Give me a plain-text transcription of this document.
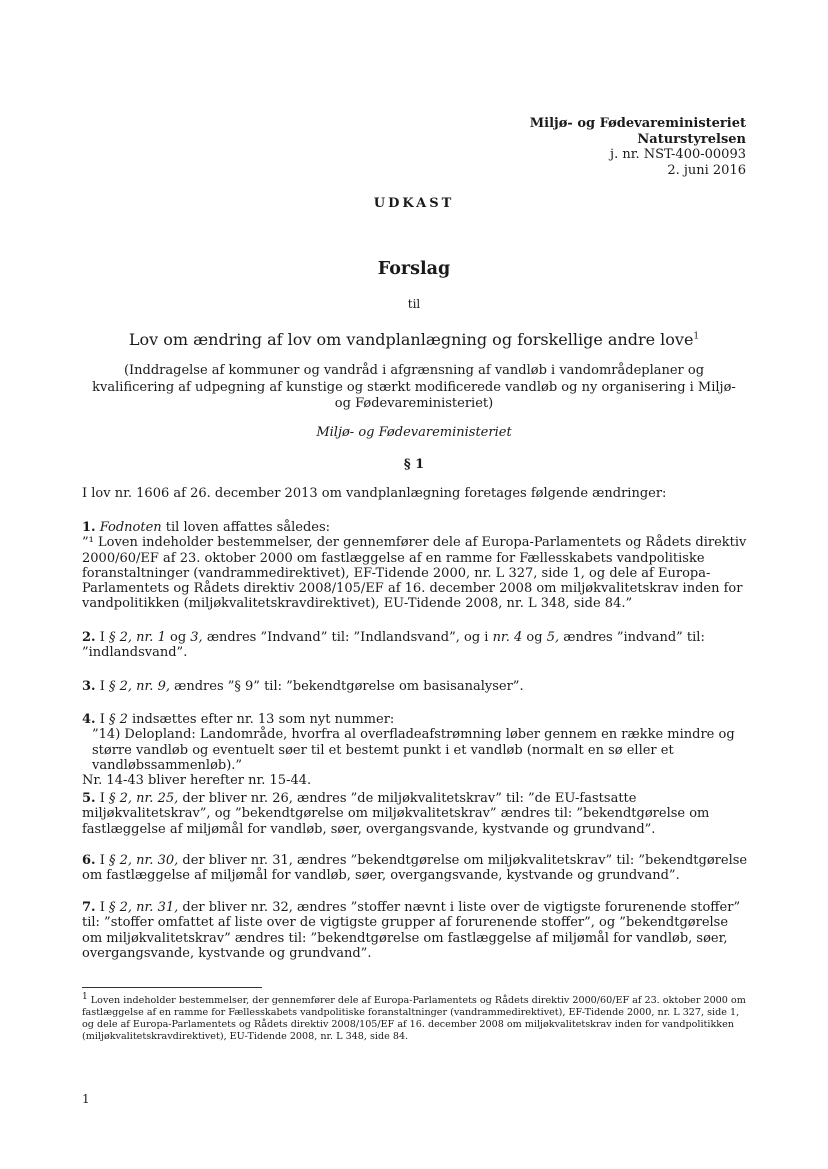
Miljø- og Fødevareministeriet
Naturstyrelsen
j. nr. NST-400-00093
2. juni 2016
UDKAST
Forslag
til
Lov om ændring af lov om vandplanlægning og forskellige andre love$^1$
(Inddragelse af kommuner og vandråd i afgrænsning af vandløb i vandområdeplaner og kvalificering af udpegning af kunstige og stærkt modificerede vandløb og ny organisering i Miljø- og Fødevareministeriet)
Miljø- og Fødevareministeriet
§ 1
I lov nr. 1606 af 26. december 2013 om vandplanlægning foretages følgende ændringer:
1. Fodnoten til loven affattes således:
”¹ Loven indeholder bestemmelser, der gennemfører dele af Europa-Parlamentets og Rådets direktiv 2000/60/EF af 23. oktober 2000 om fastlæggelse af en ramme for Fællesskabets vandpolitiske foranstaltninger (vandrammedirektivet), EF-Tidende 2000, nr. L 327, side 1, og dele af Europa-Parlamentets og Rådets direktiv 2008/105/EF af 16. december 2008 om miljøkvalitetskrav inden for vandpolitikken (miljøkvalitetskravdirektivet), EU-Tidende 2008, nr. L 348, side 84.”
2. I § 2, nr. 1 og 3, ændres ”Indvand” til: ”Indlandsvand”, og i nr. 4 og 5, ændres ”indvand” til: ”indlandsvand”.
3. I § 2, nr. 9, ændres ”§ 9” til: ”bekendtgørelse om basisanalyser”.
4. I § 2 indsættes efter nr. 13 som nyt nummer:
”14) Delopland: Landområde, hvorfra al overfladeafstrømning løber gennem en række mindre og større vandløb og eventuelt søer til et bestemt punkt i et vandløb (normalt en sø eller et vandløbssammenløb).”
Nr. 14-43 bliver herefter nr. 15-44.
5. I § 2, nr. 25, der bliver nr. 26, ændres ”de miljøkvalitetskrav” til: ”de EU-fastsatte miljøkvalitetskrav”, og ”bekendtgørelse om miljøkvalitetskrav” ændres til: ”bekendtgørelse om fastlæggelse af miljømål for vandløb, søer, overgangsvande, kystvande og grundvand”.
6. I § 2, nr. 30, der bliver nr. 31, ændres ”bekendtgørelse om miljøkvalitetskrav” til: ”bekendtgørelse om fastlæggelse af miljømål for vandløb, søer, overgangsvande, kystvande og grundvand”.
7. I § 2, nr. 31, der bliver nr. 32, ændres ”stoffer nævnt i liste over de vigtigste forurenende stoffer” til: ”stoffer omfattet af liste over de vigtigste grupper af forurenende stoffer”, og ”bekendtgørelse om miljøkvalitetskrav” ændres til: ”bekendtgørelse om fastlæggelse af miljømål for vandløb, søer, overgangsvande, kystvande og grundvand”.
$^1$ Loven indeholder bestemmelser, der gennemfører dele af Europa-Parlamentets og Rådets direktiv 2000/60/EF af 23. oktober 2000 om fastlæggelse af en ramme for Fællesskabets vandpolitiske foranstaltninger (vandrammedirektivet), EF-Tidende 2000, nr. L 327, side 1, og dele af Europa-Parlamentets og Rådets direktiv 2008/105/EF af 16. december 2008 om miljøkvalitetskrav inden for vandpolitikken (miljøkvalitetskravdirektivet), EU-Tidende 2008, nr. L 348, side 84.
1
